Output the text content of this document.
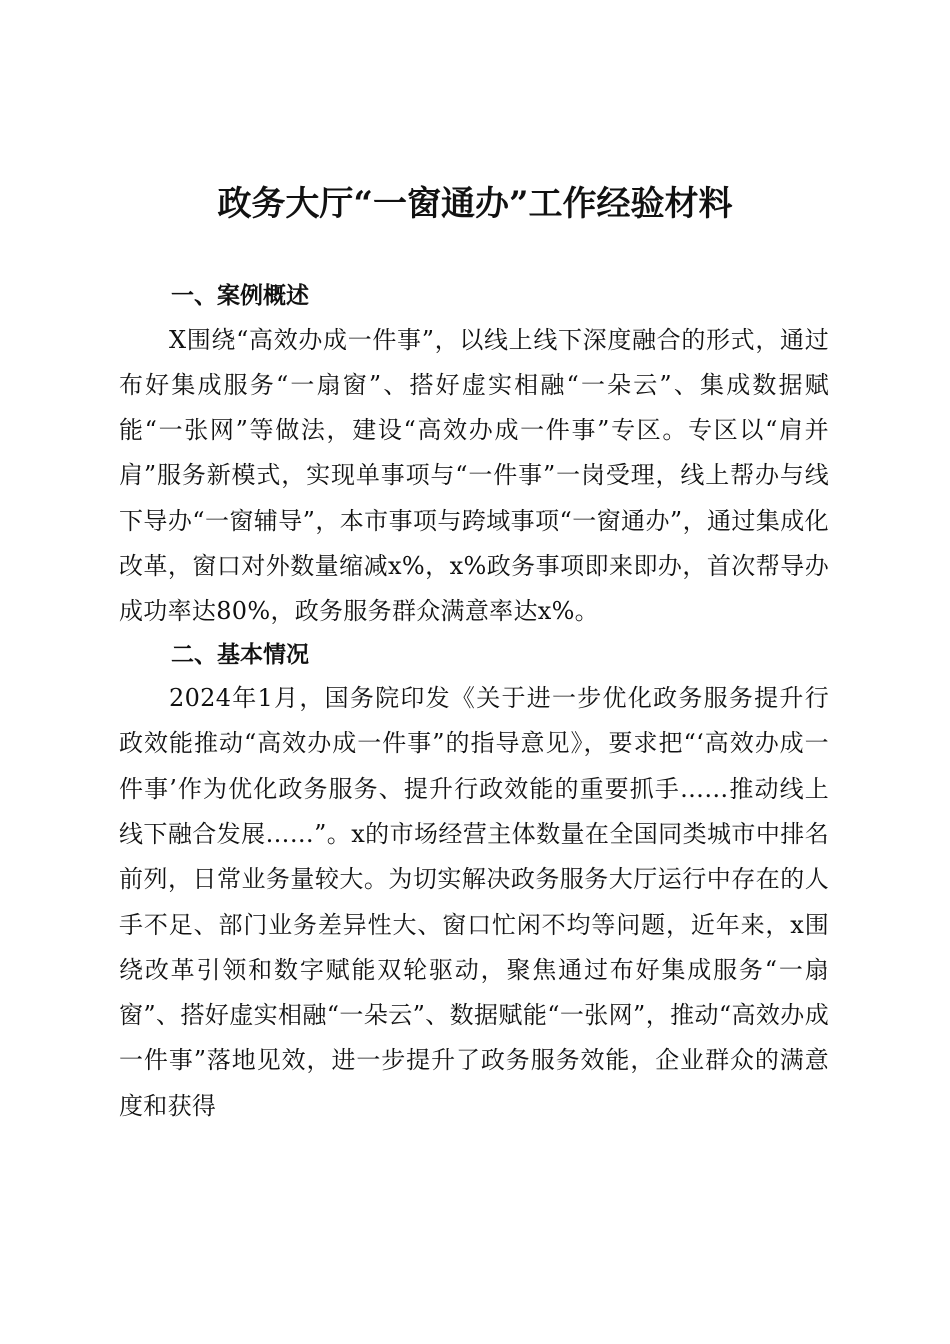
政务大厅“一窗通办”工作经验材料
一、案例概述

X围绕“高效办成一件事”，以线上线下深度融合的形式，通过布好集成服务“一扇窗”、搭好虚实相融“一朵云”、集成数据赋能“一张网”等做法，建设“高效办成一件事”专区。专区以“肩并肩”服务新模式，实现单事项与“一件事”一岗受理，线上帮办与线下导办“一窗辅导”，本市事项与跨域事项“一窗通办”，通过集成化改革，窗口对外数量缩减x%，x%政务事项即来即办，首次帮导办成功率达80%，政务服务群众满意率达x%。

二、基本情况

2024年1月，国务院印发《关于进一步优化政务服务提升行政效能推动“高效办成一件事”的指导意见》，要求把“‘高效办成一件事’作为优化政务服务、提升行政效能的重要抓手……推动线上线下融合发展……”。x的市场经营主体数量在全国同类城市中排名前列，日常业务量较大。为切实解决政务服务大厅运行中存在的人手不足、部门业务差异性大、窗口忙闲不均等问题，近年来，x围绕改革引领和数字赋能双轮驱动，聚焦通过布好集成服务“一扇窗”、搭好虚实相融“一朵云”、数据赋能“一张网”，推动“高效办成一件事”落地见效，进一步提升了政务服务效能，企业群众的满意度和获得
